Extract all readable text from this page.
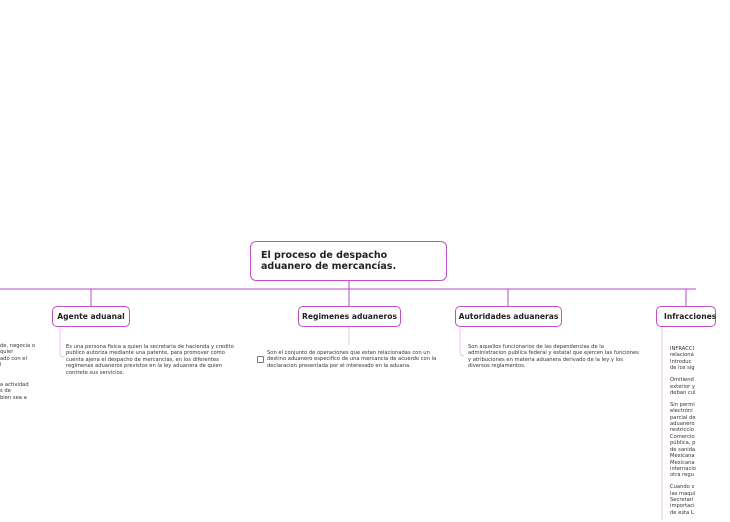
El proceso de despacho aduanero de mercancías.
Agente aduanal	Regimenes aduaneros	Autoridades aduaneras	Infracciones
Es una persona fisica a quien la secretaria de hacienda y credito publico autoriza mediante una patente, para promover como cuenta ajena el despacho de mercancias, en los diferentes regimenes aduaneros previstos en la ley aduanera de quien contrete sus servicios.
Son el conjunto de operaciones que estan relacionadas con un destino aduanero especifico de una mercancia de acuerdo con la declaracion presentada por el interesado en la aduana.
Son aquellos funcionarios de las dependencias de la administracion publica federal y estatal que ejercen las funciones y atribuciones en materia aduanera derivado de la ley y los diversos reglamentos.

INFRACCI
relaciona
introduc
de los sig

Omitiend
exterior y
deban cul

Sin permi
electróni
parcial de
aduanero
restriccio
Comercio
pública, p
de sanida
Mexicana
Mexicana
internacio
otra regu

Cuando s
las maqui
Secretarí
importaci
de esta L

de, negocia o
quier
ado con el
l
a actividad
s de
bien sea a
